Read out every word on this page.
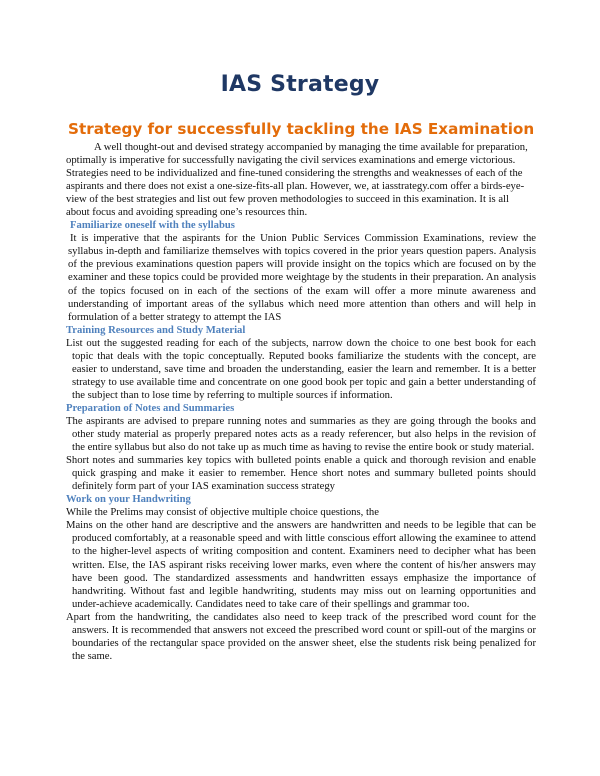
IAS Strategy
Strategy for successfully tackling the IAS Examination

A well thought-out and devised strategy accompanied by managing the time available for preparation, optimally is imperative for successfully navigating the civil services examinations and emerge victorious. Strategies need to be individualized and fine-tuned considering the strengths and weaknesses of each of the aspirants and there does not exist a one-size-fits-all plan. However, we, at iasstrategy.com offer a birds-eye-view of the best strategies and list out few proven methodologies to succeed in this examination. It is all about focus and avoiding spreading one’s resources thin.

Familiarize oneself with the syllabus

It is imperative that the aspirants for the Union Public Services Commission Examinations, review the syllabus in-depth and familiarize themselves with topics covered in the prior years question papers. Analysis of the previous examinations question papers will provide insight on the topics which are focused on by the examiner and these topics could be provided more weightage by the students in their preparation. An analysis of the topics focused on in each of the sections of the exam will offer a more minute awareness and understanding of important areas of the syllabus which need more attention than others and will help in formulation of a better strategy to attempt the IAS

Training Resources and Study Material

List out the suggested reading for each of the subjects, narrow down the choice to one best book for each topic that deals with the topic conceptually. Reputed books familiarize the students with the concept, are easier to understand, save time and broaden the understanding, easier the learn and remember. It is a better strategy to use available time and concentrate on one good book per topic and gain a better understanding of the subject than to lose time by referring to multiple sources if information.

Preparation of Notes and Summaries

The aspirants are advised to prepare running notes and summaries as they are going through the books and other study material as properly prepared notes acts as a ready referencer, but also helps in the revision of the entire syllabus but also do not take up as much time as having to revise the entire book or study material.

Short notes and summaries key topics with bulleted points enable a quick and thorough revision and enable quick grasping and make it easier to remember. Hence short notes and summary bulleted points should definitely form part of your IAS examination success strategy

Work on your Handwriting

While the Prelims may consist of objective multiple choice questions, the

Mains on the other hand are descriptive and the answers are handwritten and needs to be legible that can be produced comfortably, at a reasonable speed and with little conscious effort allowing the examinee to attend to the higher-level aspects of writing composition and content. Examiners need to decipher what has been written. Else, the IAS aspirant risks receiving lower marks, even where the content of his/her answers may have been good. The standardized assessments and handwritten essays emphasize the importance of handwriting. Without fast and legible handwriting, students may miss out on learning opportunities and under-achieve academically. Candidates need to take care of their spellings and grammar too.

Apart from the handwriting, the candidates also need to keep track of the prescribed word count for the answers. It is recommended that answers not exceed the prescribed word count or spill-out of the margins or boundaries of the rectangular space provided on the answer sheet, else the students risk being penalized for the same.
